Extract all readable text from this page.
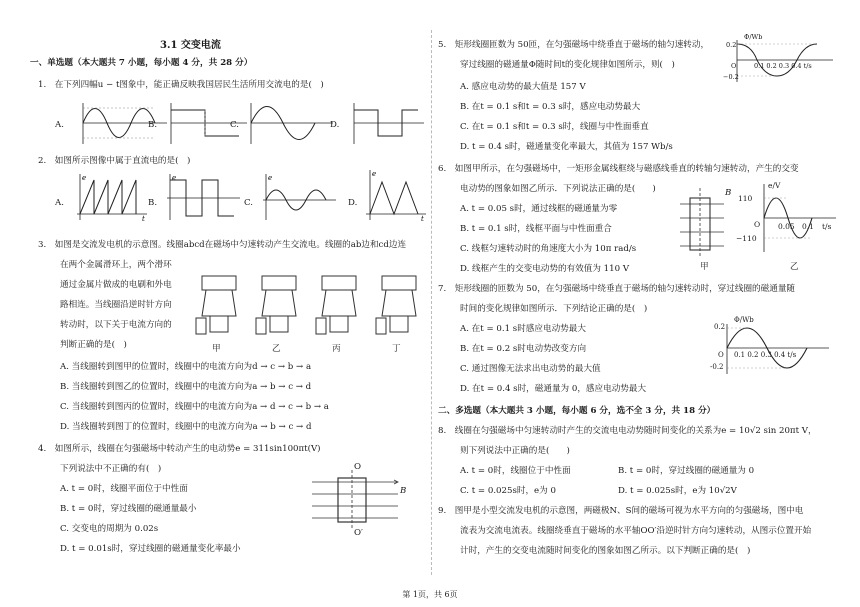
3.1 交变电流
一、单选题（本大题共 7 小题，每小题 4 分，共 28 分）
1.　在下列四幅u − t图象中，能正确反映我国居民生活所用交流电的是(　)
A.	B.	C.	D.
2.　如图所示图像中属于直流电的是(　)
A.
e
t
B.
e
C.
e
D.
e
t
3.　如图是交流发电机的示意图。线圈abcd在磁场中匀速转动产生交流电。线圈的ab边和cd边连
在两个金属滑环上，两个滑环
通过金属片做成的电刷和外电
路相连。当线圈沿逆时针方向
转动时，以下关于电流方向的
判断正确的是(　)	甲	乙	丙	丁
A. 当线圈转到图甲的位置时，线圈中的电流方向为d → c → b → a
B. 当线圈转到图乙的位置时，线圈中的电流方向为a → b → c → d
C. 当线圈转到图丙的位置时，线圈中的电流方向为a → d → c → b → a
D. 当线圈转到图丁的位置时，线圈中的电流方向为a → b → c → d
4.　如图所示，线圈在匀强磁场中转动产生的电动势e = 311sin100πt(V)
下列说法中不正确的有(　)
A. t = 0时，线圈平面位于中性面
B. t = 0时，穿过线圈的磁通量最小
C. 交变电的周期为 0.02s
D. t = 0.01s时，穿过线圈的磁通量变化率最小
O
O′
B
5.　矩形线圈匝数为 50匝，在匀强磁场中绕垂直于磁场的轴匀速转动，
穿过线圈的磁通量Φ随时间t的变化规律如图所示，则(　)
A. 感应电动势的最大值是 157 V
B. 在t = 0.1 s和t = 0.3 s时，感应电动势最大
C. 在t = 0.1 s和t = 0.3 s时，线圈与中性面垂直
D. t = 0.4 s时，磁通量变化率最大，其值为 157 Wb/s
Φ/Wb
0.2
−0.2
O	0.1 0.2 0.3 0.4 t/s
6.　如图甲所示，在匀强磁场中，一矩形金属线框绕与磁感线垂直的转轴匀速转动，产生的交变
电动势的图象如图乙所示．下列说法正确的是(　　)
A. t = 0.05 s时，通过线框的磁通量为零
B. t = 0.1 s时，线框平面与中性面重合
C. 线框匀速转动时的角速度大小为 10π rad/s
D. 线框产生的交变电动势的有效值为 110 V
B
甲
e/V
110
−110
O 0.05 0.1 t/s
乙
7.　矩形线圈的匝数为 50，在匀强磁场中绕垂直于磁场的轴匀速转动时，穿过线圈的磁通量随
时间的变化规律如图所示．下列结论正确的是(　)
A. 在t = 0.1 s时感应电动势最大
B. 在t = 0.2 s时电动势改变方向
C. 通过图像无法求出电动势的最大值
D. 在t = 0.4 s时，磁通量为 0，感应电动势最大
Φ/Wb
0.2
-0.2
O 0.1 0.2 0.3 0.4 t/s
二、多选题（本大题共 3 小题，每小题 6 分，选不全 3 分，共 18 分）
8.　线圈在匀强磁场中匀速转动时产生的交流电电动势随时间变化的关系为e = 10√2 sin 20πt V，
则下列说法中正确的是(　　)
A. t = 0时，线圈位于中性面	B. t = 0时，穿过线圈的磁通量为 0
C. t = 0.025s时，e为 0	D. t = 0.025s时，e为 10√2V
9.　图甲是小型交流发电机的示意图，两磁极N、S间的磁场可视为水平方向的匀强磁场，图中电
流表为交流电流表。线圈绕垂直于磁场的水平轴OO′沿逆时针方向匀速转动，从图示位置开始
计时，产生的交变电流随时间变化的图象如图乙所示。以下判断正确的是(　)
第 1页，共 6页
